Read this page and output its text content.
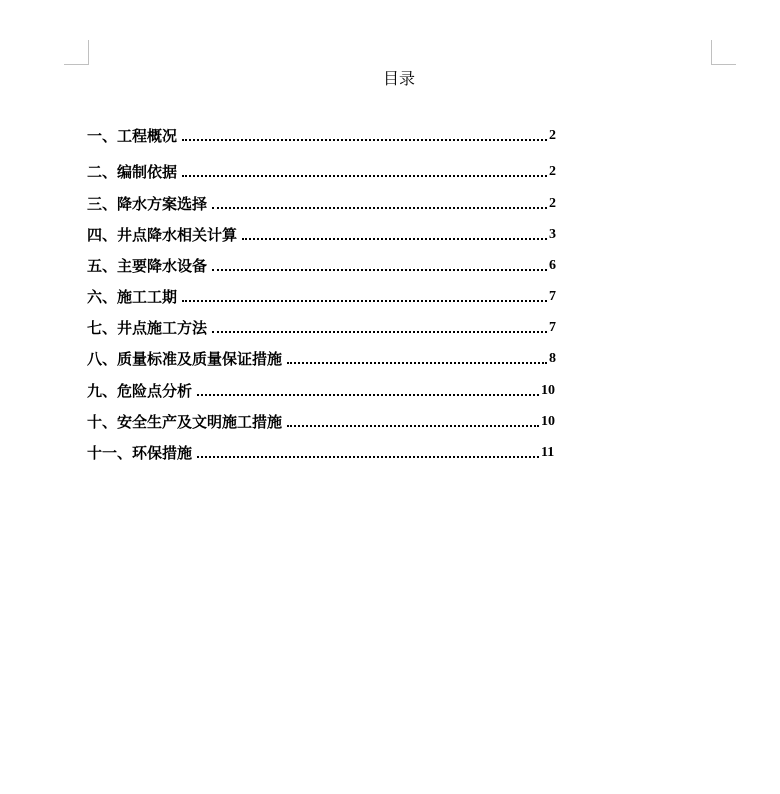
目录
一、工程概况	2
二、编制依据	2
三、降水方案选择	2
四、井点降水相关计算	3
五、主要降水设备	6
六、施工工期	7
七、井点施工方法	7
八、质量标准及质量保证措施	8
九、危险点分析	10
十、安全生产及文明施工措施	10
十一、环保措施	11
